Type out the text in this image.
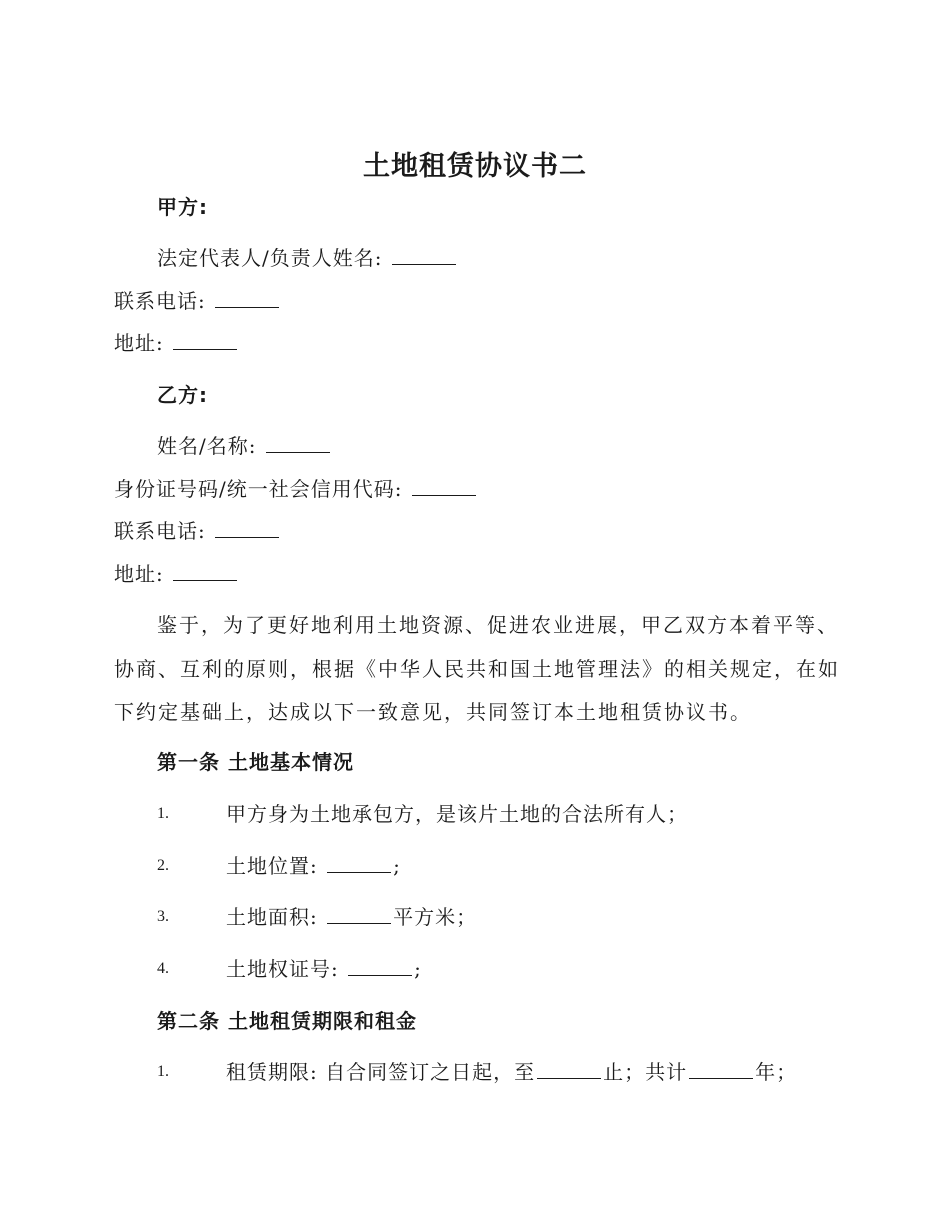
土地租赁协议书二
甲方:
法定代表人/负责人姓名:
联系电话:
地址:
乙方:
姓名/名称:
身份证号码/统一社会信用代码:
联系电话:
地址:
鉴于，为了更好地利用土地资源、促进农业进展，甲乙双方本着平等、
协商、互利的原则，根据《中华人民共和国土地管理法》的相关规定，在如
下约定基础上，达成以下一致意见，共同签订本土地租赁协议书。
第一条 土地基本情况
1.	甲方身为土地承包方，是该片土地的合法所有人；
2.	土地位置:	;
3.	土地面积:	平方米；
4.	土地权证号:	;
第二条 土地租赁期限和租金
1.	租赁期限: 自合同签订之日起，至	止；共计	年；
